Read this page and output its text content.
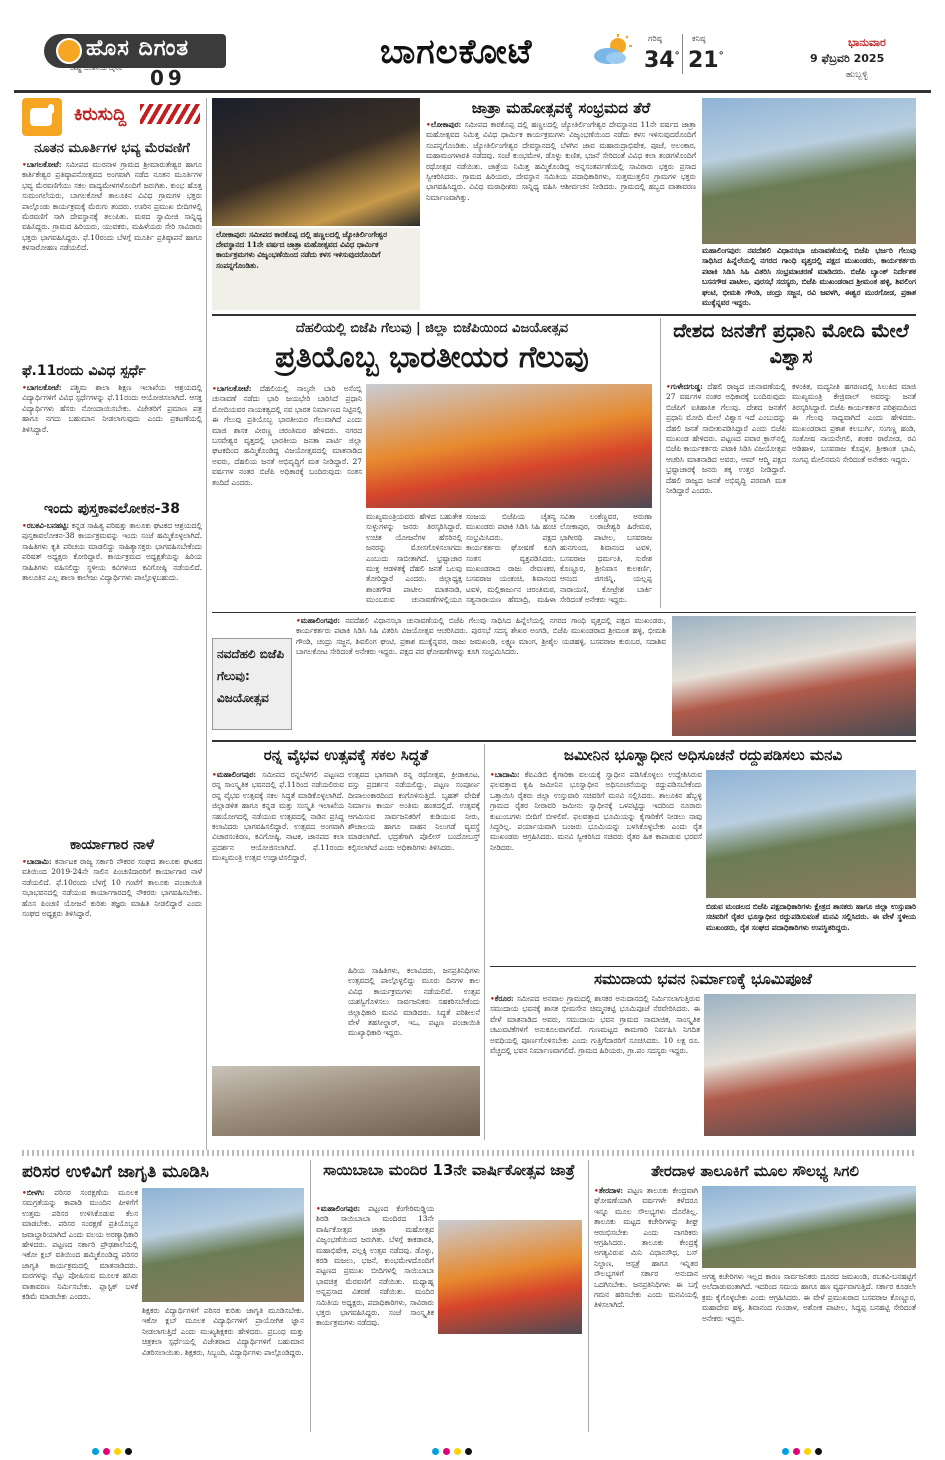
ಹೊಸ ದಿಗಂತ
ರಾಷ್ಟ್ರ ಚಿಂತನೆಯ ದೈನಿಕ 09
ಬಾಗಲಕೋಟೆ	ಗರಿಷ್ಠ
34°
ಕನಿಷ್ಠ
21°
ಭಾನುವಾರ
9 ಫೆಬ್ರವರಿ 2025
ಹುಬ್ಬಳ್ಳಿ
ಕಿರುಸುದ್ದಿ
ನೂತನ ಮೂರ್ತಿಗಳ ಭವ್ಯ ಮೆರವಣಿಗೆ
•ಬಾಗಲಕೋಟೆ: ಸಮೀಪದ ಮುರನಾಳ ಗ್ರಾಮದ ಶ್ರೀಮಾರುತೇಶ್ವರ ಹಾಗೂ ಕಾರ್ತಿಕೇಶ್ವರ ಪ್ರತಿಷ್ಠಾಪನೋತ್ಸವದ ಅಂಗವಾಗಿ ನಡೆದ ನೂತನ ಮೂರ್ತಿಗಳ ಭವ್ಯ ಮೆರವಣಿಗೆಯು ಸಕಲ ವಾದ್ಯಮೇಳಗಳೊಂದಿಗೆ ಜರುಗಿತು. ಕುಂಭ ಹೊತ್ತ ಸುಮಂಗಲೆಯರು, ಬಾಗಲಕೋಟೆ ತಾಲೂಕಿನ ವಿವಿಧ ಗ್ರಾಮಗಳ ಭಕ್ತರು ಪಾಲ್ಗೊಂಡು ಕಾರ್ಯಕ್ರಮಕ್ಕೆ ಮೆರುಗು ತಂದರು. ಊರಿನ ಪ್ರಮುಖ ಬೀದಿಗಳಲ್ಲಿ ಮೆರವಣಿಗೆ ಸಾಗಿ ದೇವಸ್ಥಾನಕ್ಕೆ ತಲುಪಿತು. ಮಠದ ಸ್ವಾಮೀಜಿ ಸಾನ್ನಿಧ್ಯ ವಹಿಸಿದ್ದರು. ಗ್ರಾಮದ ಹಿರಿಯರು, ಯುವಕರು, ಮಹಿಳೆಯರು ಸೇರಿ ಸಾವಿರಾರು ಭಕ್ತರು ಭಾಗವಹಿಸಿದ್ದರು. ಫೆ.10ರಂದು ಬೆಳಗ್ಗೆ ಮೂರ್ತಿ ಪ್ರತಿಷ್ಠಾಪನೆ ಹಾಗೂ ಕಳಸಾರೋಹಣ ನಡೆಯಲಿದೆ.
ಫೆ.11ರಂದು ವಿವಿಧ ಸ್ಪರ್ಧೆ
•ಬಾಗಲಕೋಟೆ: ಪಶ್ಚಿಮ ಶಾಲಾ ಶಿಕ್ಷಣ ಇಲಾಖೆಯ ಆಶ್ರಯದಲ್ಲಿ ವಿದ್ಯಾರ್ಥಿಗಳಿಗೆ ವಿವಿಧ ಸ್ಪರ್ಧೆಗಳನ್ನು ಫೆ.11ರಂದು ಆಯೋಜಿಸಲಾಗಿದೆ. ಆಸಕ್ತ ವಿದ್ಯಾರ್ಥಿಗಳು ಹೆಸರು ನೋಂದಾಯಿಸಬೇಕು. ವಿಜೇತರಿಗೆ ಪ್ರಮಾಣ ಪತ್ರ ಹಾಗೂ ನಗದು ಬಹುಮಾನ ನೀಡಲಾಗುವುದು ಎಂದು ಪ್ರಕಟಣೆಯಲ್ಲಿ ತಿಳಿಸಿದ್ದಾರೆ.
ಇಂದು ಪುಸ್ತಕಾವಲೋಕನ-38
•ರಬಕವಿ-ಬನಹಟ್ಟಿ: ಕನ್ನಡ ಸಾಹಿತ್ಯ ಪರಿಷತ್ತು ತಾಲೂಕು ಘಟಕದ ಆಶ್ರಯದಲ್ಲಿ ಪುಸ್ತಕಾವಲೋಕನ-38 ಕಾರ್ಯಕ್ರಮವನ್ನು ಇಂದು ಸಂಜೆ ಹಮ್ಮಿಕೊಳ್ಳಲಾಗಿದೆ. ಸಾಹಿತಿಗಳು ಕೃತಿ ಪರಿಚಯ ಮಾಡಲಿದ್ದು ಸಾಹಿತ್ಯಾಸಕ್ತರು ಭಾಗವಹಿಸಬೇಕೆಂದು ಪರಿಷತ್ ಅಧ್ಯಕ್ಷರು ಕೋರಿದ್ದಾರೆ. ಕಾರ್ಯಕ್ರಮದ ಅಧ್ಯಕ್ಷತೆಯನ್ನು ಹಿರಿಯ ಸಾಹಿತಿಗಳು ವಹಿಸಲಿದ್ದು ಸ್ಥಳೀಯ ಕವಿಗಳಿಂದ ಕವಿಗೋಷ್ಠಿ ನಡೆಯಲಿದೆ. ತಾಲೂಕಿನ ಎಲ್ಲ ಶಾಲಾ ಕಾಲೇಜು ವಿದ್ಯಾರ್ಥಿಗಳು ಪಾಲ್ಗೊಳ್ಳಬಹುದು.
ಕಾರ್ಯಾಗಾರ ನಾಳೆ
•ಬಾದಾಮಿ: ಕರ್ನಾಟಕ ರಾಜ್ಯ ಸರ್ಕಾರಿ ನೌಕರರ ಸಂಘದ ತಾಲೂಕು ಘಟಕದ ವತಿಯಿಂದ 2019-24ನೇ ಸಾಲಿನ ಪಿಂಚಣಿದಾರರಿಗೆ ಕಾರ್ಯಾಗಾರ ನಾಳೆ ನಡೆಯಲಿದೆ. ಫೆ.10ರಂದು ಬೆಳಗ್ಗೆ 10 ಗಂಟೆಗೆ ತಾಲೂಕು ಪಂಚಾಯಿತಿ ಸಭಾಭವನದಲ್ಲಿ ನಡೆಯುವ ಕಾರ್ಯಾಗಾರದಲ್ಲಿ ನೌಕರರು ಭಾಗವಹಿಸಬೇಕು. ಹೊಸ ಪಿಂಚಣಿ ಯೋಜನೆ ಕುರಿತು ತಜ್ಞರು ಮಾಹಿತಿ ನೀಡಲಿದ್ದಾರೆ ಎಂದು ಸಂಘದ ಅಧ್ಯಕ್ಷರು ತಿಳಿಸಿದ್ದಾರೆ.
ಲೋಕಾಪುರ: ಸಮೀಪದ ಕಾರಕೊಪ್ಪ ದಲ್ಲಿ ಹಣ್ಣಲದಲ್ಲಿ ಜ್ಯೋತಿರ್ಲಿಂಗೇಶ್ವರ ದೇವಸ್ಥಾನದ 11ನೇ ವರ್ಷದ ಜಾತ್ರಾ ಮಹೋತ್ಸವದ ವಿವಿಧ ಧಾರ್ಮಿಕ ಕಾರ್ಯಕ್ರಮಗಳು ವಿಜೃಂಭಣೆಯಿಂದ ನಡೆದು ಕಳಸ ಇಳಿಸುವುದರೊಂದಿಗೆ ಸಂಪನ್ನಗೊಂಡಿತು.
ಜಾತ್ರಾ ಮಹೋತ್ಸವಕ್ಕೆ ಸಂಭ್ರಮದ ತೆರೆ
•ಲೋಕಾಪುರ: ಸಮೀಪದ ಕಾರಕೊಪ್ಪ ದಲ್ಲಿ ಹಣ್ಣಲದಲ್ಲಿ ಜ್ಯೋತಿರ್ಲಿಂಗೇಶ್ವರ ದೇವಸ್ಥಾನದ 11ನೇ ವರ್ಷದ ಜಾತ್ರಾ ಮಹೋತ್ಸವದ ನಿಮಿತ್ತ ವಿವಿಧ ಧಾರ್ಮಿಕ ಕಾರ್ಯಕ್ರಮಗಳು ವಿಜೃಂಭಣೆಯಿಂದ ನಡೆದು ಕಳಸ ಇಳಿಸುವುದರೊಂದಿಗೆ ಸಂಪನ್ನಗೊಂಡಿತು. ಜ್ಯೋತಿರ್ಲಿಂಗೇಶ್ವರ ದೇವಸ್ಥಾನದಲ್ಲಿ ಬೆಳಗಿನ ಜಾವ ಮಹಾರುದ್ರಾಭಿಷೇಕ, ಪೂಜೆ, ಅಲಂಕಾರ, ಮಹಾಮಂಗಳಾರತಿ ನಡೆದವು. ಸಂಜೆ ಕುಂಭಮೇಳ, ಡೊಳ್ಳು ಕುಣಿತ, ಭಜನೆ ಸೇರಿದಂತೆ ವಿವಿಧ ಕಲಾ ತಂಡಗಳೊಂದಿಗೆ ರಥೋತ್ಸವ ನಡೆಯಿತು. ಜಾತ್ರೆಯ ನಿಮಿತ್ತ ಹಮ್ಮಿಕೊಂಡಿದ್ದ ಅನ್ನಸಂತರ್ಪಣೆಯಲ್ಲಿ ಸಾವಿರಾರು ಭಕ್ತರು ಪ್ರಸಾದ ಸ್ವೀಕರಿಸಿದರು. ಗ್ರಾಮದ ಹಿರಿಯರು, ದೇವಸ್ಥಾನ ಸಮಿತಿಯ ಪದಾಧಿಕಾರಿಗಳು, ಸುತ್ತಮುತ್ತಲಿನ ಗ್ರಾಮಗಳ ಭಕ್ತರು ಭಾಗವಹಿಸಿದ್ದರು. ವಿವಿಧ ಮಠಾಧೀಶರು ಸಾನ್ನಿಧ್ಯ ವಹಿಸಿ ಆಶೀರ್ವಚನ ನೀಡಿದರು. ಗ್ರಾಮದಲ್ಲಿ ಹಬ್ಬದ ವಾತಾವರಣ ನಿರ್ಮಾಣವಾಗಿತ್ತು.
ಮಹಾಲಿಂಗಪುರ: ನವದೆಹಲಿ ವಿಧಾನಸಭಾ ಚುನಾವಣೆಯಲ್ಲಿ ಬಿಜೆಪಿ ಭರ್ಜರಿ ಗೆಲುವು ಸಾಧಿಸಿದ ಹಿನ್ನೆಲೆಯಲ್ಲಿ ನಗರದ ಗಾಂಧಿ ವೃತ್ತದಲ್ಲಿ ಪಕ್ಷದ ಮುಖಂಡರು, ಕಾರ್ಯಕರ್ತರು ಪಟಾಕಿ ಸಿಡಿಸಿ ಸಿಹಿ ವಿತರಿಸಿ ಸಂಭ್ರಮಾಚರಣೆ ಮಾಡಿದರು. ಬಿಜೆಪಿ ಬ್ಯಾಂಕ್ ನಿರ್ದೇಶಕ ಬಸನಗೌಡ ಪಾಟೀಲ, ಪುರಸಭೆ ಸದಸ್ಯರು, ಬಿಜೆಪಿ ಮುಖಂಡರಾದ ಶ್ರೀಮಂತ ಹಳ್ಳಿ, ಶಿವಲಿಂಗ ಘಂಟಿ, ಭೀಮಶಿ ಗೌಂಡಿ, ಚಂದ್ರು ಸಜ್ಜನ, ರವಿ ಜವಳಗಿ, ಈಶ್ವರ ಮುರಗೋಡ, ಪ್ರಕಾಶ ಮುಕ್ಕೆನ್ನವರ ಇದ್ದರು.
ದೆಹಲಿಯಲ್ಲಿ ಬಿಜೆಪಿ ಗೆಲುವು | ಜಿಲ್ಲಾ ಬಿಜೆಪಿಯಿಂದ ವಿಜಯೋತ್ಸವ
ಪ್ರತಿಯೊಬ್ಬ ಭಾರತೀಯರ ಗೆಲುವು
•ಬಾಗಲಕೋಟೆ: ದೆಹಲಿಯಲ್ಲಿ ನಾಲ್ಕನೇ ಬಾರಿ ಅಸೆಂಬ್ಲಿ ಚುನಾವಣೆ ನಡೆದು ಭಾರಿ ಜಯಭೇರಿ ಬಾರಿಸಿದೆ ಪ್ರಧಾನಿ ಮೋದಿಯವರ ನಾಯಕತ್ವದಲ್ಲಿ ನವ ಭಾರತ ನಿರ್ಮಾಣದ ನಿಟ್ಟಿನಲ್ಲಿ ಈ ಗೆಲುವು ಪ್ರತಿಯೊಬ್ಬ ಭಾರತೀಯರ ಗೆಲುವಾಗಿದೆ ಎಂದು ಮಾಜಿ ಶಾಸಕ ವೀರಣ್ಣ ಚರಂತಿಮಠ ಹೇಳಿದರು. ನಗರದ ಬಸವೇಶ್ವರ ವೃತ್ತದಲ್ಲಿ ಭಾರತೀಯ ಜನತಾ ಪಾರ್ಟಿ ಜಿಲ್ಲಾ ಘಟಕದಿಂದ ಹಮ್ಮಿಕೊಂಡಿದ್ದ ವಿಜಯೋತ್ಸವದಲ್ಲಿ ಮಾತನಾಡಿದ ಅವರು, ದೆಹಲಿಯ ಜನತೆ ಅಭಿವೃದ್ಧಿಗೆ ಮತ ನೀಡಿದ್ದಾರೆ. 27 ವರ್ಷಗಳ ನಂತರ ಬಿಜೆಪಿ ಅಧಿಕಾರಕ್ಕೆ ಬಂದಿರುವುದು ಸಂತಸ ತಂದಿದೆ ಎಂದರು.
ಮುಖ್ಯಮಂತ್ರಿಯವರು ಹೇಳಿದ ಬಹುತೇಕ ಸುಳ್ಳುಗಳನ್ನು ಜನರು ತಿರಸ್ಕರಿಸಿದ್ದಾರೆ. ಉಚಿತ ಯೋಜನೆಗಳ ಹೆಸರಿನಲ್ಲಿ ಜನರನ್ನು ಮೋಸಗೊಳಿಸಲಾಗದು ಎಂಬುದು ಸಾಬೀತಾಗಿದೆ. ಭ್ರಷ್ಟಾಚಾರ ಮುಕ್ತ ಆಡಳಿತಕ್ಕೆ ದೆಹಲಿ ಜನತೆ ಒಲವು ತೋರಿದ್ದಾರೆ ಎಂದರು. ಜಿಲ್ಲಾಧ್ಯಕ್ಷ ಶಾಂತಗೌಡ ಪಾಟೀಲ ಮಾತನಾಡಿ, ಮುಂಬರುವ ಚುನಾವಣೆಗಳಲ್ಲಿಯೂ
ಸಂಜಯ ಬಿಜೆಪಿಯ ಚೈತನ್ಯ ಮುಖಂಡರು ಪಟಾಕಿ ಸಿಡಿಸಿ ಸಿಹಿ ಹಂಚಿ ಸಂಭ್ರಮಿಸಿದರು. ಪಕ್ಷದ ಕಾರ್ಯಕರ್ತರು ಘೋಷಣೆ ಕೂಗಿ ಸಂತಸ ವ್ಯಕ್ತಪಡಿಸಿದರು. ಮುಖಂಡರಾದ ರಾಜು ರೇವಣಕರ, ಬಸವರಾಜ ಯಂಕಂಚಿ, ಶಿವಾನಂದ ಟವಳಿ, ಮಲ್ಲಿಕಾರ್ಜುನ ಚರಂತಿಮಠ, ಸತ್ಯನಾರಾಯಣ ಹೆಮಾದ್ರಿ, ಮಹಿಳಾ
ಸವಿತಾ ಲಂಕೆಣ್ಣವರ, ಅರುಣಾ ಲೋಕಾಪುರ, ರಾಜೇಶ್ವರಿ ಹಿರೇಮಠ, ಭಾಗೀರಥಿ ಪಾಟೀಲ, ಬಸವರಾಜ ಹುನಗುಂದ, ಶಿವಾನಂದ ಟವಳಿ, ಬಸವರಾಜ ಧರ್ಮಂತಿ, ಸುರೇಶ ಕೊಣ್ಣೂರ, ಶ್ರೀನಿವಾಸ ಕುಲಕರ್ಣಿ, ಆನಂದ ಜಿಗಜಿನ್ನಿ, ಯಲ್ಲಪ್ಪ ನಾರಾಯಣಿ, ಕೋಟ್ರೇಶ ಬಾರ್ಕಿ ಸೇರಿದಂತೆ ಅನೇಕರು ಇದ್ದರು.
ದೇಶದ ಜನತೆಗೆ ಪ್ರಧಾನಿ ಮೋದಿ ಮೇಲೆ ವಿಶ್ವಾಸ
•ಗುಳೇದಗುಡ್ಡ: ದೆಹಲಿ ರಾಜ್ಯದ ಚುನಾವಣೆಯಲ್ಲಿ 27 ವರ್ಷಗಳ ನಂತರ ಅಧಿಕಾರಕ್ಕೆ ಬಂದಿರುವುದು ಬಿಜೆಪಿಗೆ ಐತಿಹಾಸಿಕ ಗೆಲುವು. ದೇಶದ ಜನತೆಗೆ ಪ್ರಧಾನಿ ಮೋದಿ ಮೇಲೆ ವಿಶ್ವಾಸ ಇದೆ ಎಂಬುದನ್ನು ದೆಹಲಿ ಜನತೆ ಸಾಬೀತುಪಡಿಸಿದ್ದಾರೆ ಎಂದು ಬಿಜೆಪಿ ಮುಖಂಡ ಹೇಳಿದರು. ಪಟ್ಟಣದ ಪವಾರ ಕ್ರಾಸ್‌ನಲ್ಲಿ ಬಿಜೆಪಿ ಕಾರ್ಯಕರ್ತರು ಪಟಾಕಿ ಸಿಡಿಸಿ ವಿಜಯೋತ್ಸವ ಆಚರಿಸಿ ಮಾತನಾಡಿದ ಅವರು, ಆಮ್ ಆದ್ಮಿ ಪಕ್ಷದ ಭ್ರಷ್ಟಾಚಾರಕ್ಕೆ ಜನರು ತಕ್ಕ ಉತ್ತರ ನೀಡಿದ್ದಾರೆ. ದೆಹಲಿ ರಾಜ್ಯದ ಜನತೆ ಅಭಿವೃದ್ಧಿ ಪರವಾಗಿ ಮತ ನೀಡಿದ್ದಾರೆ ಎಂದರು.
ಕಳಂಕಿತ, ಮದ್ಯನೀತಿ ಹಗರಣದಲ್ಲಿ ಸಿಲುಕಿದ ಮಾಜಿ ಮುಖ್ಯಮಂತ್ರಿ ಕೇಜ್ರಿವಾಲ್ ಅವರನ್ನು ಜನತೆ ತಿರಸ್ಕರಿಸಿದ್ದಾರೆ. ಬಿಜೆಪಿ ಕಾರ್ಯಕರ್ತರ ಪರಿಶ್ರಮದಿಂದ ಈ ಗೆಲುವು ಸಾಧ್ಯವಾಗಿದೆ ಎಂದು ಹೇಳಿದರು. ಮುಖಂಡರಾದ ಪ್ರಕಾಶ ಕಲಬುರ್ಗಿ, ಸಂಗಣ್ಣ ಹಂಡಿ, ಸಂತೋಷ ನಾಯನೇಗಲಿ, ಶಂಕರ ರಾಠೋಡ, ರವಿ ಅಡಿಹಾಳ, ಬಸವರಾಜ ಕೊಪ್ಪಳ, ಶ್ರೀಕಾಂತ ಭಾವಿ, ಸಂಗಪ್ಪ ಮೇಲಿನಮನಿ ಸೇರಿದಂತೆ ಅನೇಕರು ಇದ್ದರು.
ನವದೆಹಲಿ ಬಿಜೆಪಿ ಗೆಲುವು: ವಿಜಯೋತ್ಸವ
•ಮಹಾಲಿಂಗಪುರ: ನವದೆಹಲಿ ವಿಧಾನಸಭಾ ಚುನಾವಣೆಯಲ್ಲಿ ಬಿಜೆಪಿ ಗೆಲುವು ಸಾಧಿಸಿದ ಹಿನ್ನೆಲೆಯಲ್ಲಿ ನಗರದ ಗಾಂಧಿ ವೃತ್ತದಲ್ಲಿ ಪಕ್ಷದ ಮುಖಂಡರು, ಕಾರ್ಯಕರ್ತರು ಪಟಾಕಿ ಸಿಡಿಸಿ ಸಿಹಿ ವಿತರಿಸಿ ವಿಜಯೋತ್ಸವ ಆಚರಿಸಿದರು. ಪುರಸಭೆ ಸದಸ್ಯ ಶೇಖರ ಅಂಗಡಿ, ಬಿಜೆಪಿ ಮುಖಂಡರಾದ ಶ್ರೀಮಂತ ಹಳ್ಳಿ, ಭೀಮಶಿ ಗೌಂಡಿ, ಚಂದ್ರು ಸಜ್ಜನ, ಶಿವಲಿಂಗ ಘಂಟಿ, ಪ್ರಕಾಶ ಮುಕ್ಕೆನ್ನವರ, ರಾಜು ಜಮಖಂಡಿ, ಲಕ್ಷ್ಮಣ ಮಾಂಗ, ಶ್ರೀಶೈಲ ಯಡಹಳ್ಳಿ, ಬಸವರಾಜ ಕುರುಬರ, ಸದಾಶಿವ ಬಾಗಲಕೋಟ ಸೇರಿದಂತೆ ಅನೇಕರು ಇದ್ದರು. ಪಕ್ಷದ ಪರ ಘೋಷಣೆಗಳನ್ನು ಕೂಗಿ ಸಂಭ್ರಮಿಸಿದರು.
ರನ್ನ ವೈಭವ ಉತ್ಸವಕ್ಕೆ ಸಕಲ ಸಿದ್ಧತೆ
•ಮಹಾಲಿಂಗಪುರ: ಸಮೀಪದ ರನ್ನಬೆಳಗಲಿ ಪಟ್ಟಣದ ರನ್ನ ಸಾಂಸ್ಕೃತಿಕ ಭವನದಲ್ಲಿ ಫೆ.11ರಿಂದ ನಡೆಯಲಿರುವ ರನ್ನ ವೈಭವ ಉತ್ಸವಕ್ಕೆ ಸಕಲ ಸಿದ್ಧತೆ ಮಾಡಿಕೊಳ್ಳಲಾಗಿದೆ. ಜಿಲ್ಲಾಡಳಿತ ಹಾಗೂ ಕನ್ನಡ ಮತ್ತು ಸಂಸ್ಕೃತಿ ಇಲಾಖೆಯ ಸಹಯೋಗದಲ್ಲಿ ನಡೆಯುವ ಉತ್ಸವದಲ್ಲಿ ನಾಡಿನ ಪ್ರಸಿದ್ಧ ಕಲಾವಿದರು ಭಾಗವಹಿಸಲಿದ್ದಾರೆ. ಉತ್ಸವದ ಅಂಗವಾಗಿ ವಿಚಾರಸಂಕಿರಣ, ಕವಿಗೋಷ್ಠಿ, ನಾಟಕ, ಜಾನಪದ ಕಲಾ ಪ್ರದರ್ಶನ ಆಯೋಜಿಸಲಾಗಿದೆ. ಫೆ.11ರಂದು ಮುಖ್ಯಮಂತ್ರಿ ಉತ್ಸವ ಉದ್ಘಾಟಿಸಲಿದ್ದಾರೆ.
ಉತ್ಸವದ ಭಾಗವಾಗಿ ರನ್ನ ರಥೋತ್ಸವ, ಕ್ರೀಡಾಕೂಟ, ವಸ್ತು ಪ್ರದರ್ಶನ ನಡೆಯಲಿದ್ದು, ಪಟ್ಟಣ ಸಂಪೂರ್ಣ ದೀಪಾಲಂಕಾರದಿಂದ ಕಂಗೊಳಿಸುತ್ತಿದೆ. ಬೃಹತ್ ವೇದಿಕೆ ನಿರ್ಮಾಣ ಕಾರ್ಯ ಅಂತಿಮ ಹಂತದಲ್ಲಿದೆ. ಉತ್ಸವಕ್ಕೆ ಆಗಮಿಸುವ ಸಾರ್ವಜನಿಕರಿಗೆ ಕುಡಿಯುವ ನೀರು, ಶೌಚಾಲಯ ಹಾಗೂ ವಾಹನ ನಿಲುಗಡೆ ವ್ಯವಸ್ಥೆ ಮಾಡಲಾಗಿದೆ. ಭದ್ರತೆಗಾಗಿ ಪೊಲೀಸ್ ಬಂದೋಬಸ್ತ್ ಕಲ್ಪಿಸಲಾಗಿದೆ ಎಂದು ಅಧಿಕಾರಿಗಳು ತಿಳಿಸಿದರು.
ಹಿರಿಯ ಸಾಹಿತಿಗಳು, ಕಲಾವಿದರು, ಜನಪ್ರತಿನಿಧಿಗಳು ಉತ್ಸವದಲ್ಲಿ ಪಾಲ್ಗೊಳ್ಳಲಿದ್ದು ಮೂರು ದಿನಗಳ ಕಾಲ ವಿವಿಧ ಕಾರ್ಯಕ್ರಮಗಳು ನಡೆಯಲಿವೆ. ಉತ್ಸವ ಯಶಸ್ವಿಗೊಳಿಸಲು ಸಾರ್ವಜನಿಕರು ಸಹಕರಿಸಬೇಕೆಂದು ಜಿಲ್ಲಾಧಿಕಾರಿ ಮನವಿ ಮಾಡಿದರು. ಸಿದ್ಧತೆ ಪರಿಶೀಲನೆ ವೇಳೆ ತಹಸೀಲ್ದಾರ್, ಇಒ, ಪಟ್ಟಣ ಪಂಚಾಯಿತಿ ಮುಖ್ಯಾಧಿಕಾರಿ ಇದ್ದರು.
ಜಮೀನಿನ ಭೂಸ್ವಾಧೀನ ಅಧಿಸೂಚನೆ ರದ್ದುಪಡಿಸಲು ಮನವಿ
•ಬಾದಾಮಿ: ಕೆಐಎಡಿಬಿ ಕೈಗಾರಿಕಾ ವಲಯಕ್ಕೆ ಸ್ವಾಧೀನ ಪಡಿಸಿಕೊಳ್ಳಲು ಉದ್ದೇಶಿಸಿರುವ ಫಲವತ್ತಾದ ಕೃಷಿ ಜಮೀನಿನ ಭೂಸ್ವಾಧೀನ ಅಧಿಸೂಚನೆಯನ್ನು ರದ್ದುಪಡಿಸಬೇಕೆಂದು ಒತ್ತಾಯಿಸಿ ರೈತರು ಜಿಲ್ಲಾ ಉಸ್ತುವಾರಿ ಸಚಿವರಿಗೆ ಮನವಿ ಸಲ್ಲಿಸಿದರು. ತಾಲೂಕಿನ ಹೆಬ್ಬಳ್ಳಿ ಗ್ರಾಮದ ರೈತರ ನೀರಾವರಿ ಜಮೀನು ಸ್ವಾಧೀನಕ್ಕೆ ಒಳಪಟ್ಟಿದ್ದು ಇದರಿಂದ ನೂರಾರು ಕುಟುಂಬಗಳು ಬೀದಿಗೆ ಬೀಳಲಿವೆ. ಫಲವತ್ತಾದ ಭೂಮಿಯನ್ನು ಕೈಗಾರಿಕೆಗೆ ನೀಡಲು ನಾವು ಸಿದ್ಧರಿಲ್ಲ. ಪರ್ಯಾಯವಾಗಿ ಬಂಜರು ಭೂಮಿಯನ್ನು ಬಳಸಿಕೊಳ್ಳಬೇಕು ಎಂದು ರೈತ ಮುಖಂಡರು ಆಗ್ರಹಿಸಿದರು. ಮನವಿ ಸ್ವೀಕರಿಸಿದ ಸಚಿವರು ರೈತರ ಹಿತ ಕಾಪಾಡುವ ಭರವಸೆ ನೀಡಿದರು.
ಬಿಡುವ ಮಂಡಲದ ಬಿಜೆಪಿ ಪಕ್ಷದಾಧಿಕಾರಿಗಳು ಕ್ಷೇತ್ರದ ಶಾಸಕರು ಹಾಗೂ ಜಿಲ್ಲಾ ಉಸ್ತುವಾರಿ ಸಚಿವರಿಗೆ ರೈತರ ಭೂಸ್ವಾಧೀನ ರದ್ದುಪಡಿಸುವಂತೆ ಮನವಿ ಸಲ್ಲಿಸಿದರು. ಈ ವೇಳೆ ಸ್ಥಳೀಯ ಮುಖಂಡರು, ರೈತ ಸಂಘದ ಪದಾಧಿಕಾರಿಗಳು ಉಪಸ್ಥಿತರಿದ್ದರು.
ಸಮುದಾಯ ಭವನ ನಿರ್ಮಾಣಕ್ಕೆ ಭೂಮಿಪೂಜೆ
•ಕೆರೂರ: ಸಮೀಪದ ಅನವಾಲ ಗ್ರಾಮದಲ್ಲಿ ಶಾಸಕರ ಅನುದಾನದಲ್ಲಿ ನಿರ್ಮಿಸಲಾಗುತ್ತಿರುವ ಸಮುದಾಯ ಭವನಕ್ಕೆ ಶಾಸಕ ಭೀಮಸೇನ ಚಿಮ್ಮನಕಟ್ಟಿ ಭೂಮಿಪೂಜೆ ನೆರವೇರಿಸಿದರು. ಈ ವೇಳೆ ಮಾತನಾಡಿದ ಅವರು, ಸಮುದಾಯ ಭವನ ಗ್ರಾಮದ ಸಾಮಾಜಿಕ, ಸಾಂಸ್ಕೃತಿಕ ಚಟುವಟಿಕೆಗಳಿಗೆ ಅನುಕೂಲವಾಗಲಿದೆ. ಗುಣಮಟ್ಟದ ಕಾಮಗಾರಿ ನಿರ್ವಹಿಸಿ ನಿಗದಿತ ಅವಧಿಯಲ್ಲಿ ಪೂರ್ಣಗೊಳಿಸಬೇಕು ಎಂದು ಗುತ್ತಿಗೆದಾರರಿಗೆ ಸೂಚಿಸಿದರು. 10 ಲಕ್ಷ ರೂ. ವೆಚ್ಚದಲ್ಲಿ ಭವನ ನಿರ್ಮಾಣವಾಗಲಿದೆ. ಗ್ರಾಮದ ಹಿರಿಯರು, ಗ್ರಾ.ಪಂ ಸದಸ್ಯರು ಇದ್ದರು.
ಪರಿಸರ ಉಳಿವಿಗೆ ಜಾಗೃತಿ ಮೂಡಿಸಿ
•ಬೀಳಗಿ: ಪರಿಸರ ಸಂರಕ್ಷಣೆಯ ಮೂಲಕ ಸಮಗ್ರತೆಯನ್ನು ಕಾಪಾಡಿ ಮುಂದಿನ ಪೀಳಿಗೆಗೆ ಉತ್ತಮ ಪರಿಸರ ಉಳಿಸಿಕೊಡುವ ಕೆಲಸ ಮಾಡಬೇಕು. ಪರಿಸರ ಸಂರಕ್ಷಣೆ ಪ್ರತಿಯೊಬ್ಬರ ಜವಾಬ್ದಾರಿಯಾಗಿದೆ ಎಂದು ವಲಯ ಅರಣ್ಯಾಧಿಕಾರಿ ಹೇಳಿದರು. ಪಟ್ಟಣದ ಸರ್ಕಾರಿ ಪ್ರೌಢಶಾಲೆಯಲ್ಲಿ ಇಕೋ ಕ್ಲಬ್ ವತಿಯಿಂದ ಹಮ್ಮಿಕೊಂಡಿದ್ದ ಪರಿಸರ ಜಾಗೃತಿ ಕಾರ್ಯಕ್ರಮದಲ್ಲಿ ಮಾತನಾಡಿದರು. ಮರಗಳನ್ನು ನೆಟ್ಟು ಪೋಷಿಸುವ ಮೂಲಕ ಹಸಿರು ವಾತಾವರಣ ನಿರ್ಮಿಸಬೇಕು. ಪ್ಲಾಸ್ಟಿಕ್ ಬಳಕೆ ಕಡಿಮೆ ಮಾಡಬೇಕು ಎಂದರು.
ಶಿಕ್ಷಕರು ವಿದ್ಯಾರ್ಥಿಗಳಿಗೆ ಪರಿಸರ ಕುರಿತು ಜಾಗೃತಿ ಮೂಡಿಸಬೇಕು. ಇಕೋ ಕ್ಲಬ್ ಮೂಲಕ ವಿದ್ಯಾರ್ಥಿಗಳಿಗೆ ಪ್ರಾಯೋಗಿಕ ಜ್ಞಾನ ನೀಡಲಾಗುತ್ತಿದೆ ಎಂದು ಮುಖ್ಯಶಿಕ್ಷಕರು ಹೇಳಿದರು. ಪ್ರಬಂಧ ಮತ್ತು ಚಿತ್ರಕಲಾ ಸ್ಪರ್ಧೆಯಲ್ಲಿ ವಿಜೇತರಾದ ವಿದ್ಯಾರ್ಥಿಗಳಿಗೆ ಬಹುಮಾನ ವಿತರಿಸಲಾಯಿತು. ಶಿಕ್ಷಕರು, ಸಿಬ್ಬಂದಿ, ವಿದ್ಯಾರ್ಥಿಗಳು ಪಾಲ್ಗೊಂಡಿದ್ದರು.
ಸಾಯಿಬಾಬಾ ಮಂದಿರ 13ನೇ ವಾರ್ಷಿಕೋತ್ಸವ ಜಾತ್ರೆ
•ಮಹಾಲಿಂಗಪುರ: ಪಟ್ಟಣದ ಕೆಂಗೇರಿಮಡ್ಡಿಯ ಶಿರಡಿ ಸಾಯಿಬಾಬಾ ಮಂದಿರದ 13ನೇ ವಾರ್ಷಿಕೋತ್ಸವ ಜಾತ್ರಾ ಮಹೋತ್ಸವ ವಿಜೃಂಭಣೆಯಿಂದ ಜರುಗಿತು. ಬೆಳಗ್ಗೆ ಕಾಕಡಾರತಿ, ಮಹಾಭಿಷೇಕ, ಪಲ್ಲಕ್ಕಿ ಉತ್ಸವ ನಡೆದವು. ಡೊಳ್ಳು, ಕರಡಿ ಮಜಲು, ಭಜನೆ, ಕುಂಭಮೇಳದೊಂದಿಗೆ ಪಟ್ಟಣದ ಪ್ರಮುಖ ಬೀದಿಗಳಲ್ಲಿ ಸಾಯಿಬಾಬಾ ಭಾವಚಿತ್ರ ಮೆರವಣಿಗೆ ನಡೆಯಿತು. ಮಧ್ಯಾಹ್ನ ಅನ್ನಪ್ರಸಾದ ವಿತರಣೆ ನಡೆಯಿತು. ಮಂದಿರ ಸಮಿತಿಯ ಅಧ್ಯಕ್ಷರು, ಪದಾಧಿಕಾರಿಗಳು, ಸಾವಿರಾರು ಭಕ್ತರು ಭಾಗವಹಿಸಿದ್ದರು. ಸಂಜೆ ಸಾಂಸ್ಕೃತಿಕ ಕಾರ್ಯಕ್ರಮಗಳು ನಡೆದವು.
ತೇರದಾಳ ತಾಲೂಕಿಗೆ ಮೂಲ ಸೌಲಭ್ಯ ಸಿಗಲಿ
•ತೇರದಾಳ: ಪಟ್ಟಣ ತಾಲೂಕು ಕೇಂದ್ರವಾಗಿ ಘೋಷಣೆಯಾಗಿ ವರ್ಷಗಳೇ ಕಳೆದರೂ ಇನ್ನೂ ಮೂಲ ಸೌಲಭ್ಯಗಳು ದೊರೆತಿಲ್ಲ. ತಾಲೂಕು ಮಟ್ಟದ ಕಚೇರಿಗಳನ್ನು ಶೀಘ್ರ ಆರಂಭಿಸಬೇಕು ಎಂದು ನಾಗರಿಕರು ಆಗ್ರಹಿಸಿದರು. ತಾಲೂಕು ಕೇಂದ್ರಕ್ಕೆ ಅಗತ್ಯವಿರುವ ಮಿನಿ ವಿಧಾನಸೌಧ, ಬಸ್ ನಿಲ್ದಾಣ, ಆಸ್ಪತ್ರೆ ಹಾಗೂ ಇನ್ನಿತರ ಸೌಲಭ್ಯಗಳಿಗೆ ಸರ್ಕಾರ ಅನುದಾನ ಒದಗಿಸಬೇಕು. ಜನಪ್ರತಿನಿಧಿಗಳು ಈ ಬಗ್ಗೆ ಗಮನ ಹರಿಸಬೇಕು ಎಂದು ಮನವಿಯಲ್ಲಿ ತಿಳಿಸಲಾಗಿದೆ.
ಅಗತ್ಯ ಕಚೇರಿಗಳು ಇಲ್ಲದ ಕಾರಣ ಸಾರ್ವಜನಿಕರು ದೂರದ ಜಮಖಂಡಿ, ರಬಕವಿ-ಬನಹಟ್ಟಿಗೆ ಅಲೆದಾಡುವಂತಾಗಿದೆ. ಇದರಿಂದ ಸಮಯ ಹಾಗೂ ಹಣ ವ್ಯರ್ಥವಾಗುತ್ತಿದೆ. ಸರ್ಕಾರ ಕೂಡಲೇ ಕ್ರಮ ಕೈಗೊಳ್ಳಬೇಕು ಎಂದು ಆಗ್ರಹಿಸಿದರು. ಈ ವೇಳೆ ಪ್ರಮುಖರಾದ ಬಸವರಾಜ ಕೊಣ್ಣೂರ, ಮಹಾದೇವ ಹಳ್ಳಿ, ಶಿವಾನಂದ ಗುಂಡಾಳ, ಅಶೋಕ ಪಾಟೀಲ, ಸಿದ್ದಪ್ಪ ಬನಹಟ್ಟಿ ಸೇರಿದಂತೆ ಅನೇಕರು ಇದ್ದರು.
